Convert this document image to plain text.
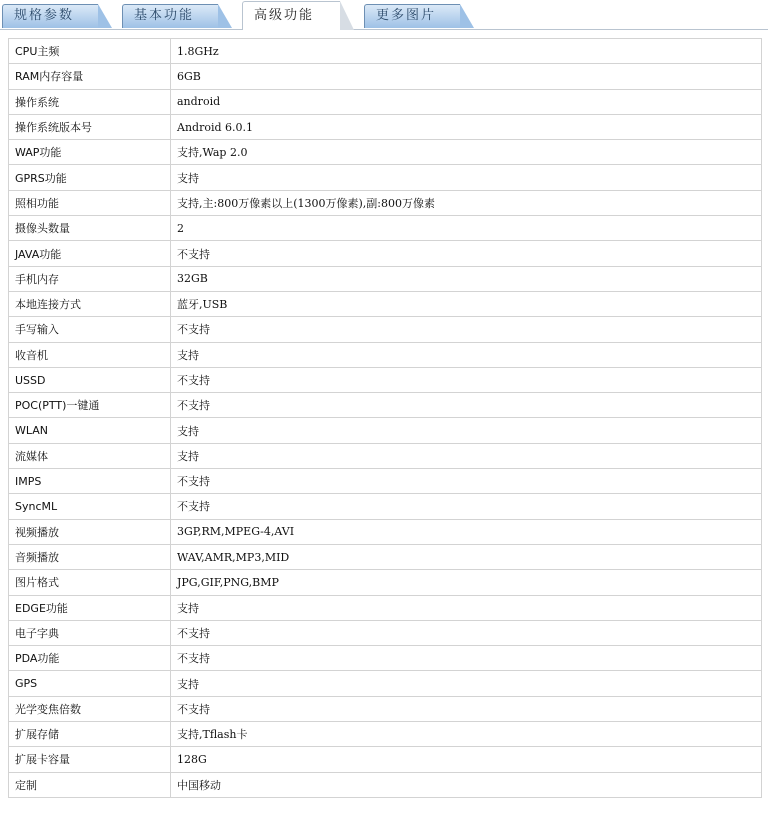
规格参数	基本功能	高级功能	更多图片
CPU主频	1.8GHz
RAM内存容量	6GB
操作系统	android
操作系统版本号	Android 6.0.1
WAP功能	支持,Wap 2.0
GPRS功能	支持
照相功能	支持,主:800万像素以上(1300万像素),副:800万像素
摄像头数量	2
JAVA功能	不支持
手机内存	32GB
本地连接方式	蓝牙,USB
手写输入	不支持
收音机	支持
USSD	不支持
POC(PTT)一键通	不支持
WLAN	支持
流媒体	支持
IMPS	不支持
SyncML	不支持
视频播放	3GP,RM,MPEG-4,AVI
音频播放	WAV,AMR,MP3,MID
图片格式	JPG,GIF,PNG,BMP
EDGE功能	支持
电子字典	不支持
PDA功能	不支持
GPS	支持
光学变焦倍数	不支持
扩展存储	支持,Tflash卡
扩展卡容量	128G
定制	中国移动
